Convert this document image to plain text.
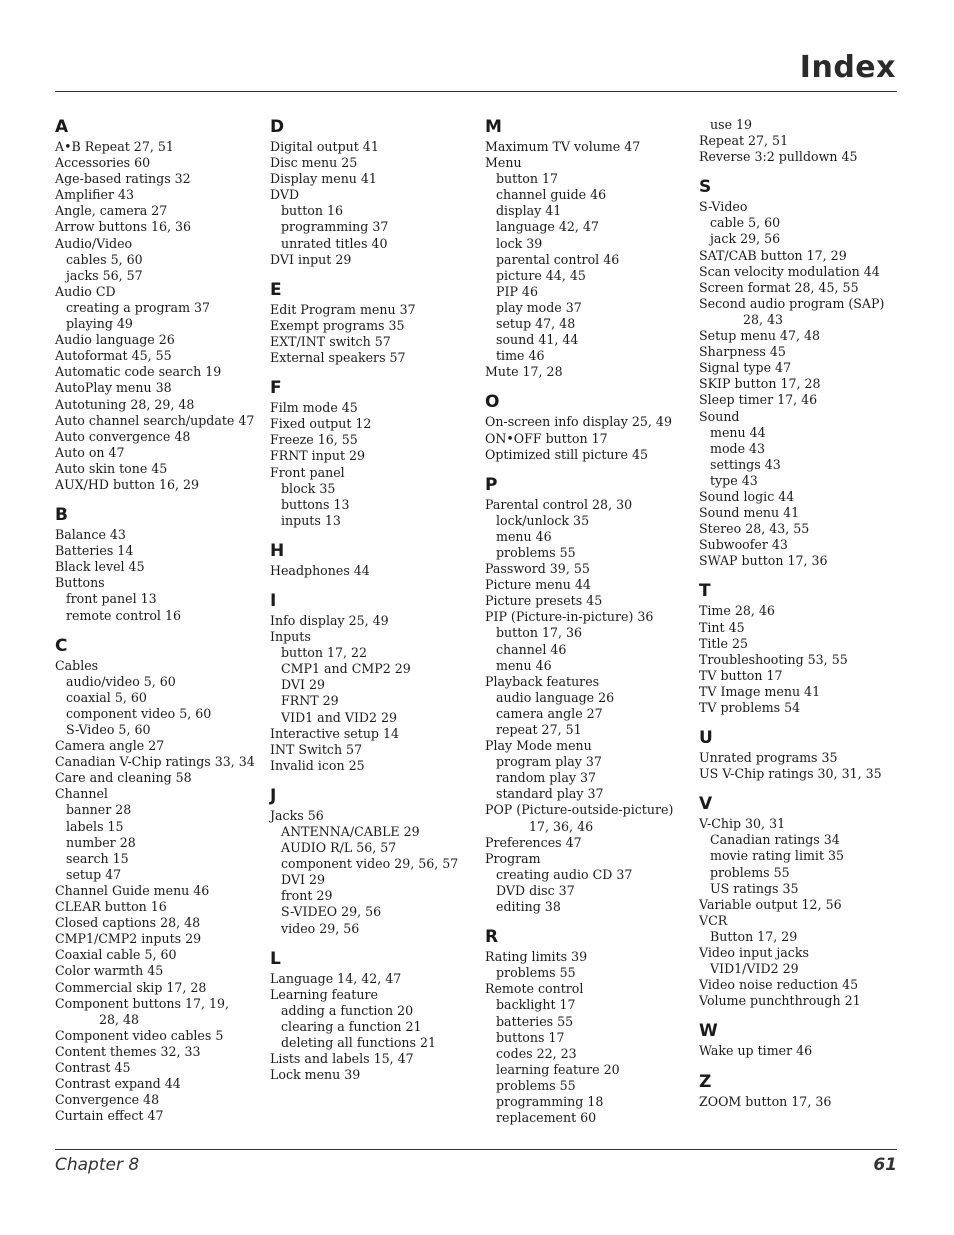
Index
A
A•B Repeat 27, 51
Accessories 60
Age-based ratings 32
Amplifier 43
Angle, camera 27
Arrow buttons 16, 36
Audio/Video
cables 5, 60
jacks 56, 57
Audio CD
creating a program 37
playing 49
Audio language 26
Autoformat 45, 55
Automatic code search 19
AutoPlay menu 38
Autotuning 28, 29, 48
Auto channel search/update 47
Auto convergence 48
Auto on 47
Auto skin tone 45
AUX/HD button 16, 29
B
Balance 43
Batteries 14
Black level 45
Buttons
front panel 13
remote control 16
C
Cables
audio/video 5, 60
coaxial 5, 60
component video 5, 60
S-Video 5, 60
Camera angle 27
Canadian V-Chip ratings 33, 34
Care and cleaning 58
Channel
banner 28
labels 15
number 28
search 15
setup 47
Channel Guide menu 46
CLEAR button 16
Closed captions 28, 48
CMP1/CMP2 inputs 29
Coaxial cable 5, 60
Color warmth 45
Commercial skip 17, 28
Component buttons 17, 19,
28, 48
Component video cables 5
Content themes 32, 33
Contrast 45
Contrast expand 44
Convergence 48
Curtain effect 47
D
Digital output 41
Disc menu 25
Display menu 41
DVD
button 16
programming 37
unrated titles 40
DVI input 29
E
Edit Program menu 37
Exempt programs 35
EXT/INT switch 57
External speakers 57
F
Film mode 45
Fixed output 12
Freeze 16, 55
FRNT input 29
Front panel
block 35
buttons 13
inputs 13
H
Headphones 44
I
Info display 25, 49
Inputs
button 17, 22
CMP1 and CMP2 29
DVI 29
FRNT 29
VID1 and VID2 29
Interactive setup 14
INT Switch 57
Invalid icon 25
J
Jacks 56
ANTENNA/CABLE 29
AUDIO R/L 56, 57
component video 29, 56, 57
DVI 29
front 29
S-VIDEO 29, 56
video 29, 56
L
Language 14, 42, 47
Learning feature
adding a function 20
clearing a function 21
deleting all functions 21
Lists and labels 15, 47
Lock menu 39
M
Maximum TV volume 47
Menu
button 17
channel guide 46
display 41
language 42, 47
lock 39
parental control 46
picture 44, 45
PIP 46
play mode 37
setup 47, 48
sound 41, 44
time 46
Mute 17, 28
O
On-screen info display 25, 49
ON•OFF button 17
Optimized still picture 45
P
Parental control 28, 30
lock/unlock 35
menu 46
problems 55
Password 39, 55
Picture menu 44
Picture presets 45
PIP (Picture-in-picture) 36
button 17, 36
channel 46
menu 46
Playback features
audio language 26
camera angle 27
repeat 27, 51
Play Mode menu
program play 37
random play 37
standard play 37
POP (Picture-outside-picture)
17, 36, 46
Preferences 47
Program
creating audio CD 37
DVD disc 37
editing 38
R
Rating limits 39
problems 55
Remote control
backlight 17
batteries 55
buttons 17
codes 22, 23
learning feature 20
problems 55
programming 18
replacement 60
use 19
Repeat 27, 51
Reverse 3:2 pulldown 45
S
S-Video
cable 5, 60
jack 29, 56
SAT/CAB button 17, 29
Scan velocity modulation 44
Screen format 28, 45, 55
Second audio program (SAP)
28, 43
Setup menu 47, 48
Sharpness 45
Signal type 47
SKIP button 17, 28
Sleep timer 17, 46
Sound
menu 44
mode 43
settings 43
type 43
Sound logic 44
Sound menu 41
Stereo 28, 43, 55
Subwoofer 43
SWAP button 17, 36
T
Time 28, 46
Tint 45
Title 25
Troubleshooting 53, 55
TV button 17
TV Image menu 41
TV problems 54
U
Unrated programs 35
US V-Chip ratings 30, 31, 35
V
V-Chip 30, 31
Canadian ratings 34
movie rating limit 35
problems 55
US ratings 35
Variable output 12, 56
VCR
Button 17, 29
Video input jacks
VID1/VID2 29
Video noise reduction 45
Volume punchthrough 21
W
Wake up timer 46
Z
ZOOM button 17, 36
Chapter 8	61
